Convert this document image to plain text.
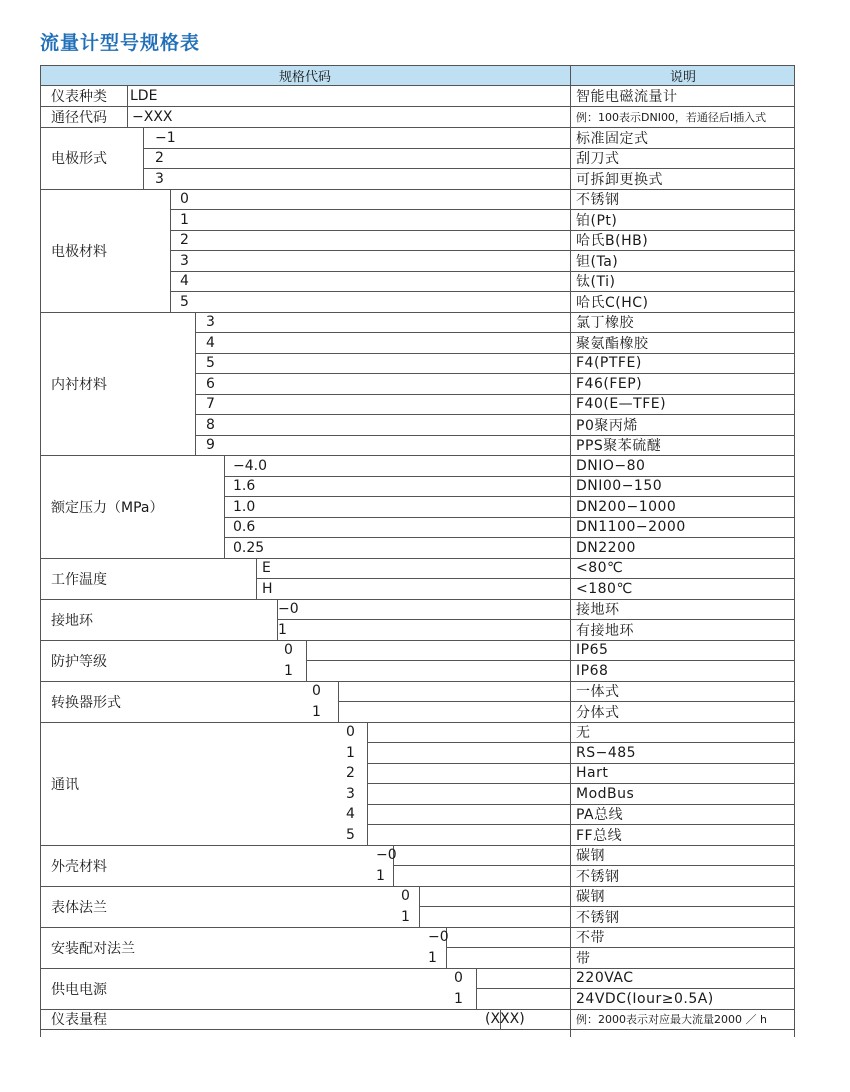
流量计型号规格表
规格代码	说明
仪表种类 LDE	智能电磁流量计
通径代码 −XXX	例：100表示DNI00，若通径后I插入式
电极形式
−1	标准固定式
2	刮刀式
3	可拆卸更换式
电极材料
0	不锈钢
1	铂(Pt)
2	哈氏B(HB)
3	钽(Ta)
4	钛(Ti)
5	哈氏C(HC)
内衬材料
3	氯丁橡胶
4	聚氨酯橡胶
5	F4(PTFE)
6	F46(FEP)
7	F40(E—TFE)
8	P0聚丙烯
9	PPS聚苯硫醚
额定压力（MPa）
−4.0	DNIO−80
1.6	DNI00−150
1.0	DN200−1000
0.6	DN1100−2000
0.25	DN2200
工作温度
E	<80℃
H	<180℃
接地环
−0	接地环
1	有接地环
防护等级
0	IP65
1	IP68
转换器形式
0	一体式
1	分体式
通讯
0	无
1	RS−485
2	Hart
3	ModBus
4	PA总线
5	FF总线
外壳材料
−0	碳钢
1	不锈钢
表体法兰
0	碳钢
1	不锈钢
安装配对法兰
−0	不带
1	带
供电电源
0	220VAC
1	24VDC(Iour≥0.5A)
仪表量程	(XXX)	例：2000表示对应最大流量2000 ／ h
